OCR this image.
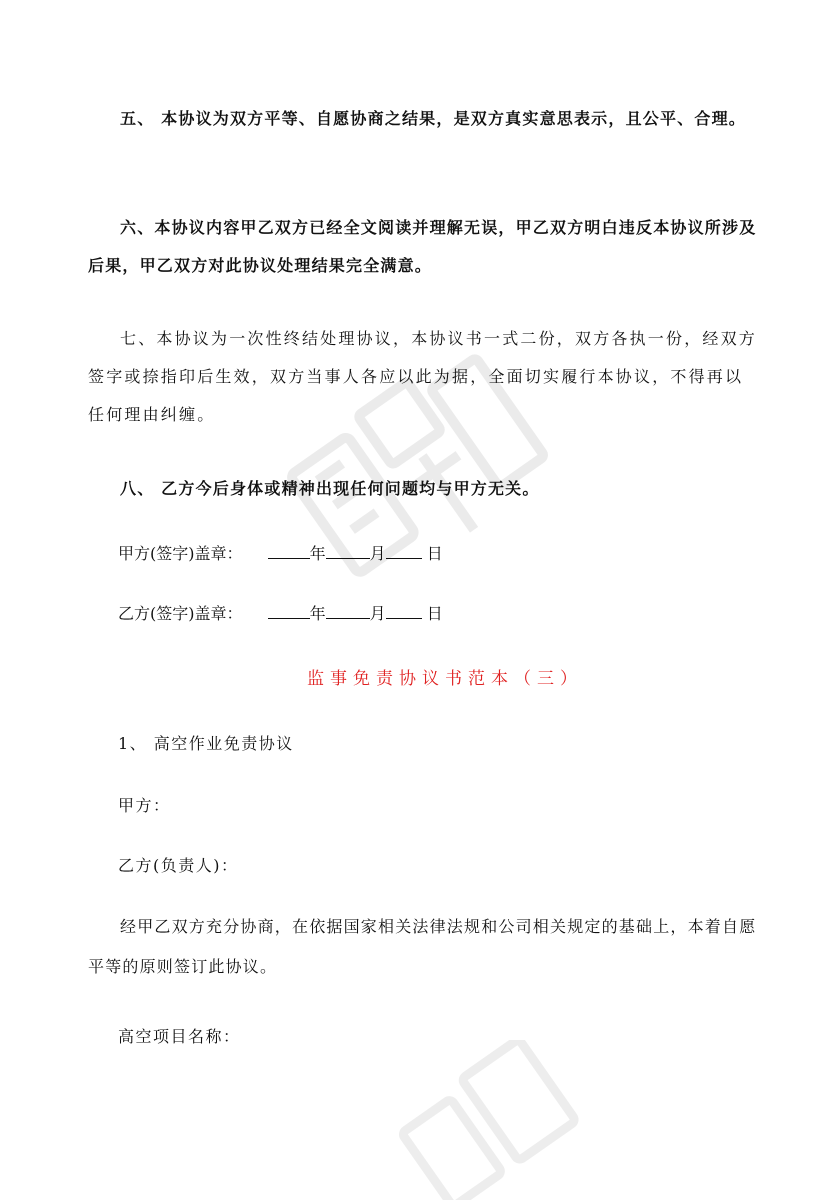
五、 本协议为双方平等、自愿协商之结果，是双方真实意思表示，且公平、合理。
六、本协议内容甲乙双方已经全文阅读并理解无误，甲乙双方明白违反本协议所涉及后果，甲乙双方对此协议处理结果完全满意。
七、本协议为一次性终结处理协议，本协议书一式二份，双方各执一份，经双方签字或捺指印后生效，双方当事人各应以此为据，全面切实履行本协议，不得再以任何理由纠缠。
八、 乙方今后身体或精神出现任何问题均与甲方无关。
甲方(签字)盖章：	年	月	日
乙方(签字)盖章：	年	月	日
监事免责协议书范本（三）
1、 高空作业免责协议
甲方：
乙方(负责人)：
经甲乙双方充分协商，在依据国家相关法律法规和公司相关规定的基础上，本着自愿平等的原则签订此协议。
高空项目名称：
